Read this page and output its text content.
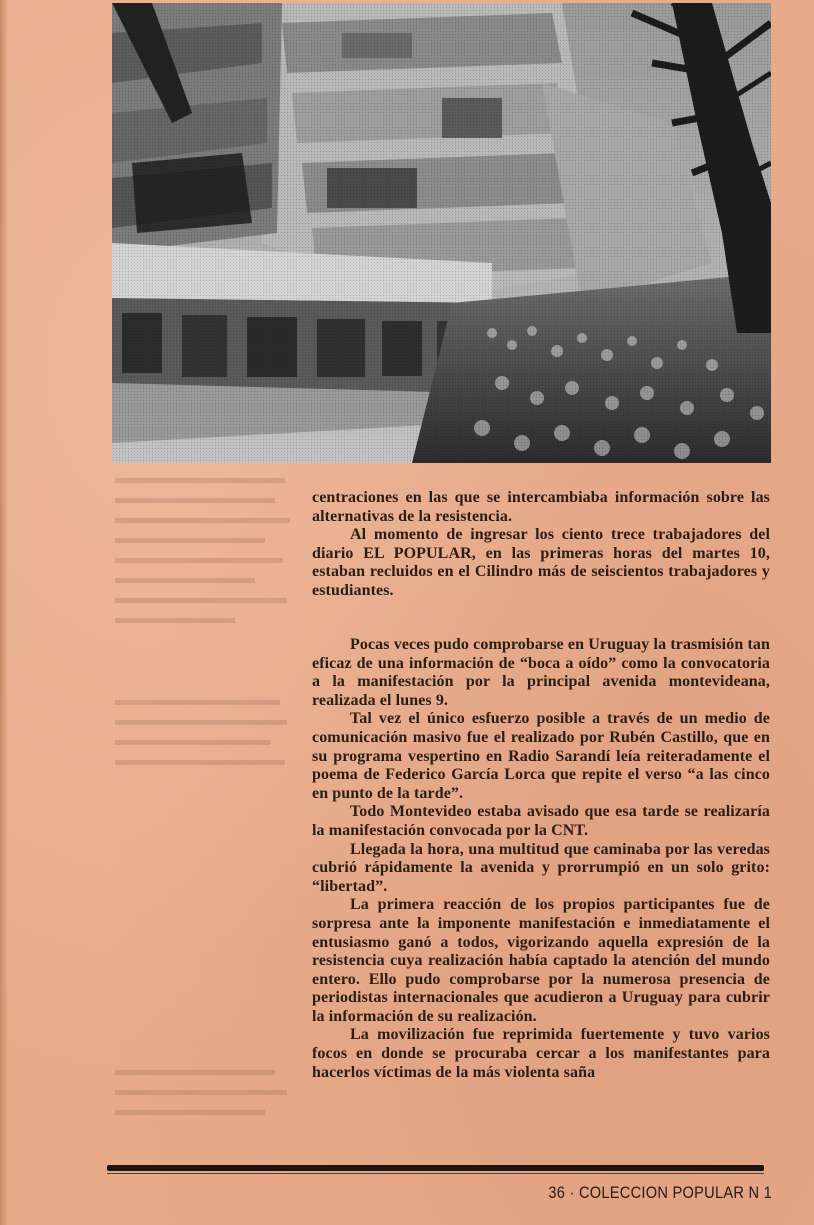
centraciones en las que se intercambiaba información sobre las alternativas de la resistencia.

Al momento de ingresar los ciento trece trabajadores del diario EL POPULAR, en las primeras horas del martes 10, estaban recluidos en el Cilindro más de seiscientos trabajadores y estudiantes.

Pocas veces pudo comprobarse en Uruguay la trasmisión tan eficaz de una información de “boca a oído” como la convocatoria a la manifestación por la principal avenida montevideana, realizada el lunes 9.

Tal vez el único esfuerzo posible a través de un medio de comunicación masivo fue el realizado por Rubén Castillo, que en su programa vespertino en Radio Sarandí leía reiteradamente el poema de Federico García Lorca que repite el verso “a las cinco en punto de la tarde”.

Todo Montevideo estaba avisado que esa tarde se realizaría la manifestación convocada por la CNT.

Llegada la hora, una multitud que caminaba por las veredas cubrió rápidamente la avenida y prorrumpió en un solo grito: “libertad”.

La primera reacción de los propios participantes fue de sorpresa ante la imponente manifestación e inmediatamente el entusiasmo ganó a todos, vigorizando aquella expresión de la resistencia cuya realización había captado la atención del mundo entero. Ello pudo comprobarse por la numerosa presencia de periodistas internacionales que acudieron a Uruguay para cubrir la información de su realización.

La movilización fue reprimida fuertemente y tuvo varios focos en donde se procuraba cercar a los manifestantes para hacerlos víctimas de la más violenta saña

36 · COLECCION POPULAR N 1
